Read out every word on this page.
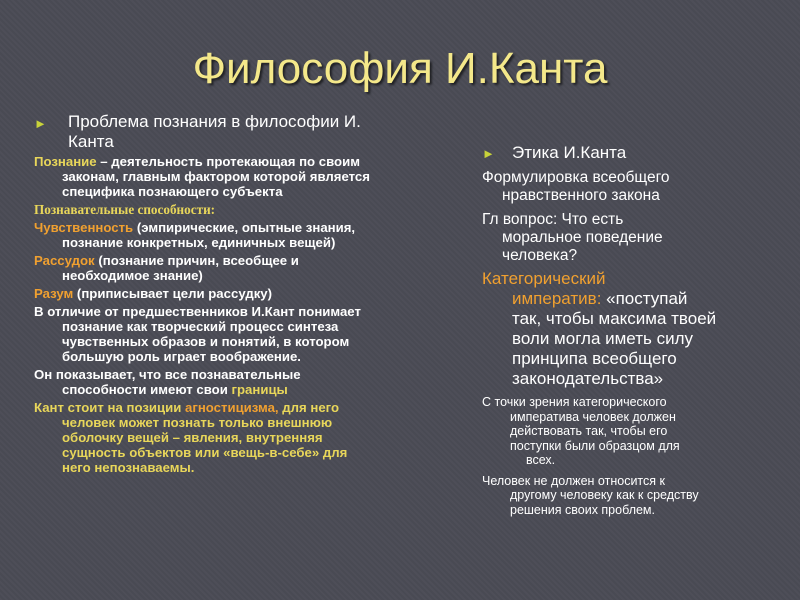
Философия И.Канта
►	Проблема познания в философии И.
Канта

Познание – деятельность протекающая по своим

законам, главным фактором которой является

специфика познающего субъекта

Познавательные способности:

Чувственность (эмпирические, опытные знания,

познание конкретных, единичных вещей)

Рассудок (познание причин, всеобщее и

необходимое знание)

Разум (приписывает цели рассудку)

В отличие от предшественников И.Кант понимает

познание как творческий процесс синтеза

чувственных образов и понятий, в котором

большую роль играет воображение.

Он показывает, что все познавательные

способности имеют свои границы

Кант стоит на позиции агностицизма, для него

человек может познать только внешнюю

оболочку вещей – явления, внутренняя

сущность объектов или «вещь-в-себе» для

него непознаваемы.

►	Этика И.Канта

Формулировка всеобщего

нравственного закона

Гл вопрос: Что есть

моральное поведение

человека?

Категорический
императив: «поступай
так, чтобы максима твоей
воли могла иметь силу
принципа всеобщего
законодательства»
С точки зрения категорического
императива человек должен
действовать так, чтобы его
поступки были образцом для
всех.
Человек не должен относится к
другому человеку как к средству
решения своих проблем.
